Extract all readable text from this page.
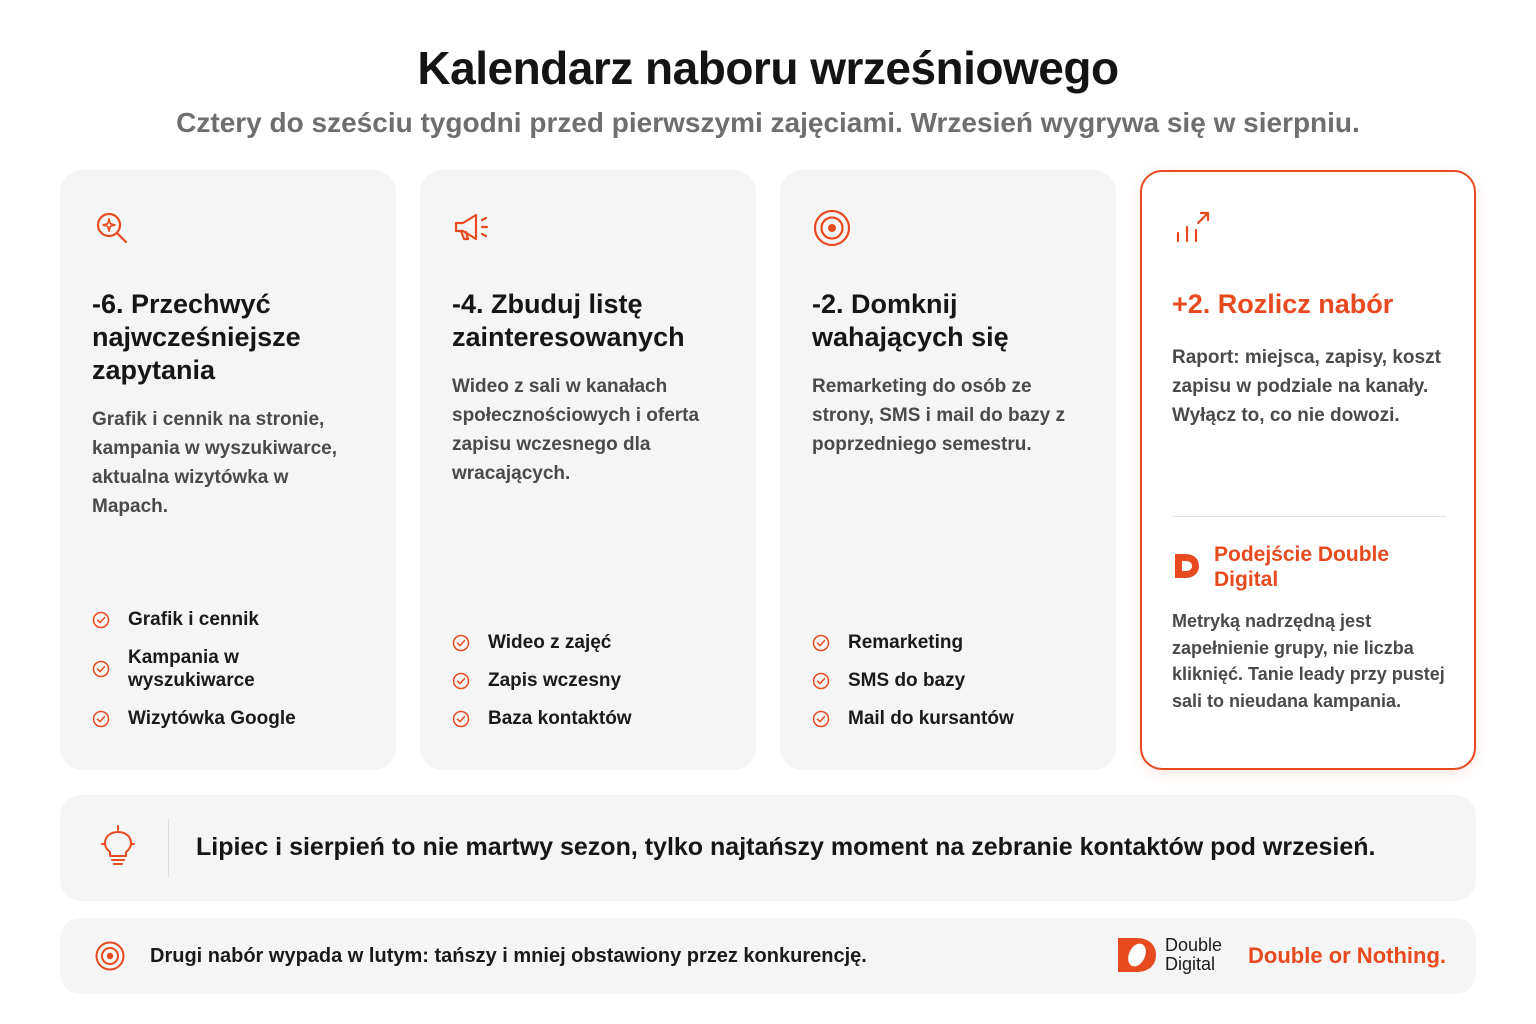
Kalendarz naboru wrześniowego
Cztery do sześciu tygodni przed pierwszymi zajęciami. Wrzesień wygrywa się w sierpniu.
-6. Przechwyć najwcześniejsze zapytania
Grafik i cennik na stronie, kampania w wyszukiwarce, aktualna wizytówka w Mapach.
Grafik i cennik
Kampania w wyszukiwarce
Wizytówka Google
-4. Zbuduj listę zainteresowanych
Wideo z sali w kanałach społecznościowych i oferta zapisu wczesnego dla wracających.
Wideo z zajęć
Zapis wczesny
Baza kontaktów
-2. Domknij wahających się
Remarketing do osób ze strony, SMS i mail do bazy z poprzedniego semestru.
Remarketing
SMS do bazy
Mail do kursantów
+2. Rozlicz nabór
Raport: miejsca, zapisy, koszt zapisu w podziale na kanały. Wyłącz to, co nie dowozi.
Podejście Double Digital
Metryką nadrzędną jest zapełnienie grupy, nie liczba kliknięć. Tanie leady przy pustej sali to nieudana kampania.
Lipiec i sierpień to nie martwy sezon, tylko najtańszy moment na zebranie kontaktów pod wrzesień.
Drugi nabór wypada w lutym: tańszy i mniej obstawiony przez konkurencję.	Double
Digital	Double or Nothing.
